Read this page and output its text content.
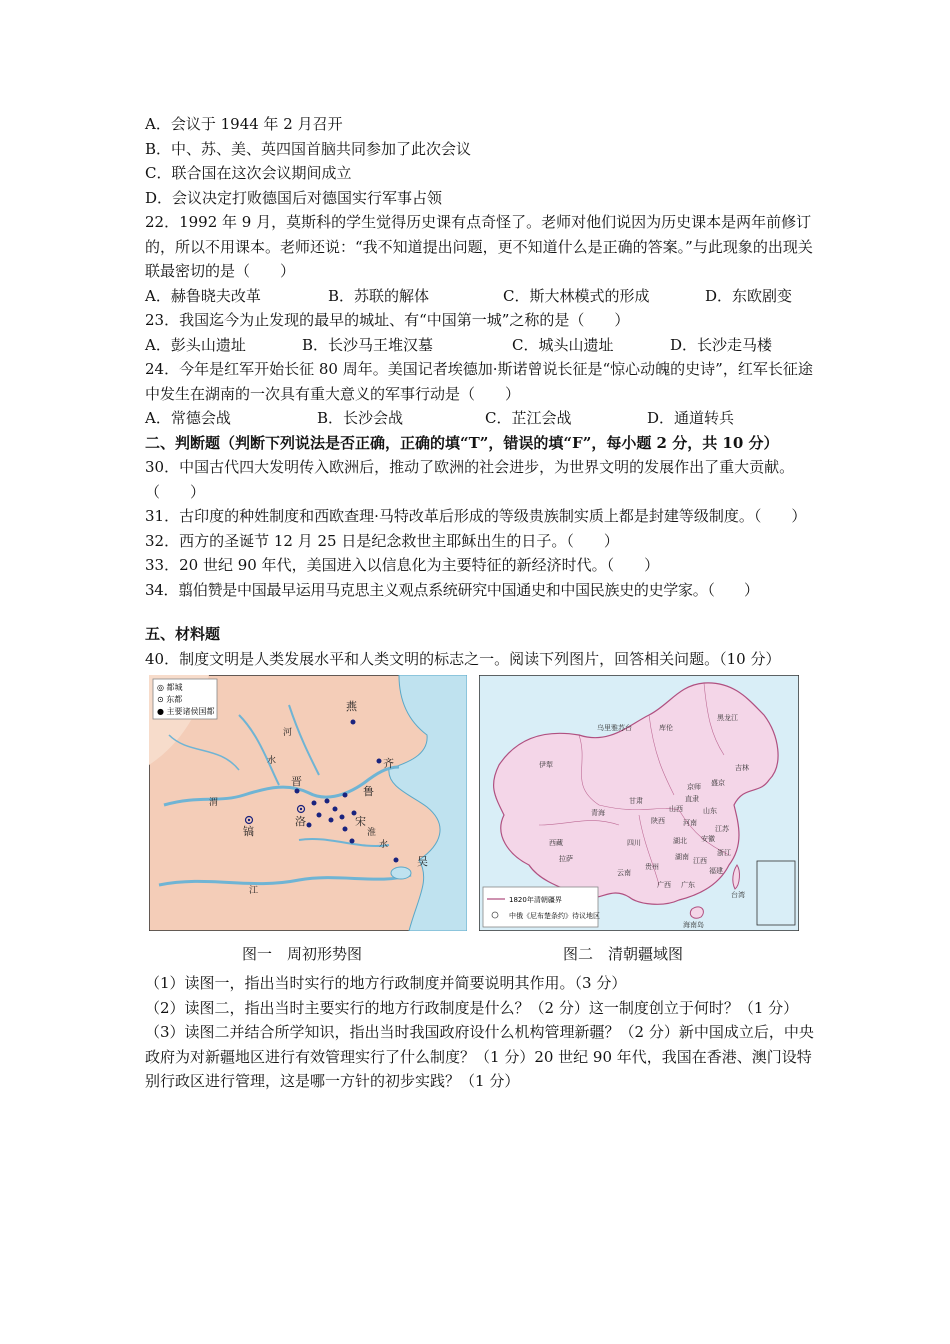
A．会议于 1944 年 2 月召开
B．中、苏、美、英四国首脑共同参加了此次会议
C．联合国在这次会议期间成立
D．会议决定打败德国后对德国实行军事占领
22．1992 年 9 月，莫斯科的学生觉得历史课有点奇怪了。老师对他们说因为历史课本是两年前修订的，所以不用课本。老师还说：“我不知道提出问题，更不知道什么是正确的答案。”与此现象的出现关联最密切的是（　　）
A．赫鲁晓夫改革	B．苏联的解体	C．斯大林模式的形成	D．东欧剧变
23．我国迄今为止发现的最早的城址、有“中国第一城”之称的是（　　）
A．彭头山遗址	B．长沙马王堆汉墓	C．城头山遗址	D．长沙走马楼
24．今年是红军开始长征 80 周年。美国记者埃德加·斯诺曾说长征是“惊心动魄的史诗”，红军长征途中发生在湖南的一次具有重大意义的军事行动是（　　）
A．常德会战	B．长沙会战	C．芷江会战	D．通道转兵
二、判断题（判断下列说法是否正确，正确的填“T”，错误的填“F”，每小题 2 分，共 10 分）
30．中国古代四大发明传入欧洲后，推动了欧洲的社会进步，为世界文明的发展作出了重大贡献。（　　）
31．古印度的种姓制度和西欧查理·马特改革后形成的等级贵族制实质上都是封建等级制度。（　　）
32．西方的圣诞节 12 月 25 日是纪念救世主耶稣出生的日子。（　　）
33．20 世纪 90 年代，美国进入以信息化为主要特征的新经济时代。（　　）
34．翦伯赞是中国最早运用马克思主义观点系统研究中国通史和中国民族史的史学家。（　　）
五、材料题
40．制度文明是人类发展水平和人类文明的标志之一。阅读下列图片，回答相关问题。（10 分）
◎ 都城
⊙ 东都
● 主要诸侯国都	燕
齐
晋
鲁
宋
镐
洛
吴
河
水
江
淮
水
渭
1820年清朝疆界
中俄《尼布楚条约》待议地区
伊犁
乌里雅苏台	库伦
吉林
黑龙江
盛京
京师
直隶
山西
陕西
甘肃
四川	湖北
湖南
广东
广西
贵州
云南	福建
江西
浙江
安徽
江苏
河南
山东
青海
西藏
台湾
海南岛
拉萨
图一　周初形势图	图二　清朝疆域图
（1）读图一，指出当时实行的地方行政制度并简要说明其作用。（3 分）
（2）读图二，指出当时主要实行的地方行政制度是什么？（2 分）这一制度创立于何时？（1 分）
（3）读图二并结合所学知识，指出当时我国政府设什么机构管理新疆？（2 分）新中国成立后，中央政府为对新疆地区进行有效管理实行了什么制度？（1 分）20 世纪 90 年代，我国在香港、澳门设特别行政区进行管理，这是哪一方针的初步实践？（1 分）
